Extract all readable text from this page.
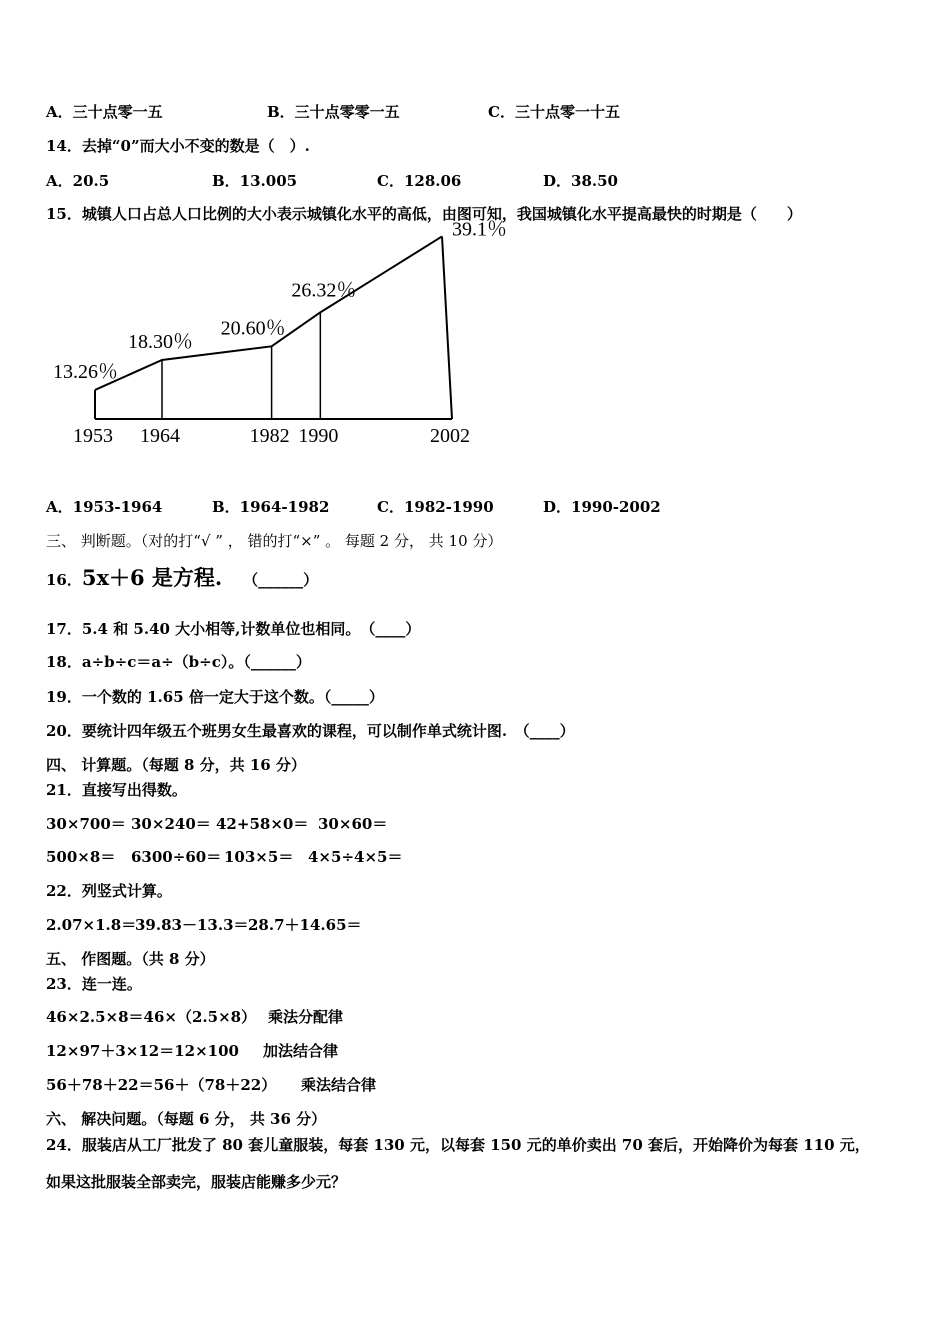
A．三十点零一五	B．三十点零零一五	C．三十点零一十五
14．去掉“0”而大小不变的数是（　）.
A．20.5	B．13.005	C．128.06	D．38.50
15．城镇人口占总人口比例的大小表示城镇化水平的高低，由图可知，我国城镇化水平提高最快的时期是（　　）
13.26％
1953
18.30％
1964
20.60％
1982
26.32％
1990
39.1％
2002
A．1953-1964	B．1964-1982	C．1982-1990	D．1990-2002
三、 判断题。（对的打“√ ” ， 错的打“×” 。 每题 2 分， 共 10 分）
16．5x＋6 是方程. （______）
17．5.4 和 5.40 大小相等,计数单位也相同。　（____）
18．a÷b÷c＝a÷（b÷c）。（______）
19．一个数的 1.65 倍一定大于这个数。（_____）
20．要统计四年级五个班男女生最喜欢的课程，可以制作单式统计图.　（____）
四、 计算题。（每题 8 分，共 16 分）
21．直接写出得数。
30×700＝ 30×240＝ 42+58×0＝ 30×60＝
500×8＝ 6300÷60＝ 103×5＝ 4×5÷4×5＝
22．列竖式计算。
2.07×1.8＝
39.83－13.3＝ 28.7＋14.65＝
五、 作图题。（共 8 分）
23．连一连。
46×2.5×8＝46×（2.5×8） 乘法分配律
12×97＋3×12＝12×100 加法结合律
56＋78＋22＝56＋（78＋22） 乘法结合律
六、 解决问题。（每题 6 分， 共 36 分）
24．服装店从工厂批发了 80 套儿童服装，每套 130 元，以每套 150 元的单价卖出 70 套后，开始降价为每套 110 元，
如果这批服装全部卖完，服装店能赚多少元？
